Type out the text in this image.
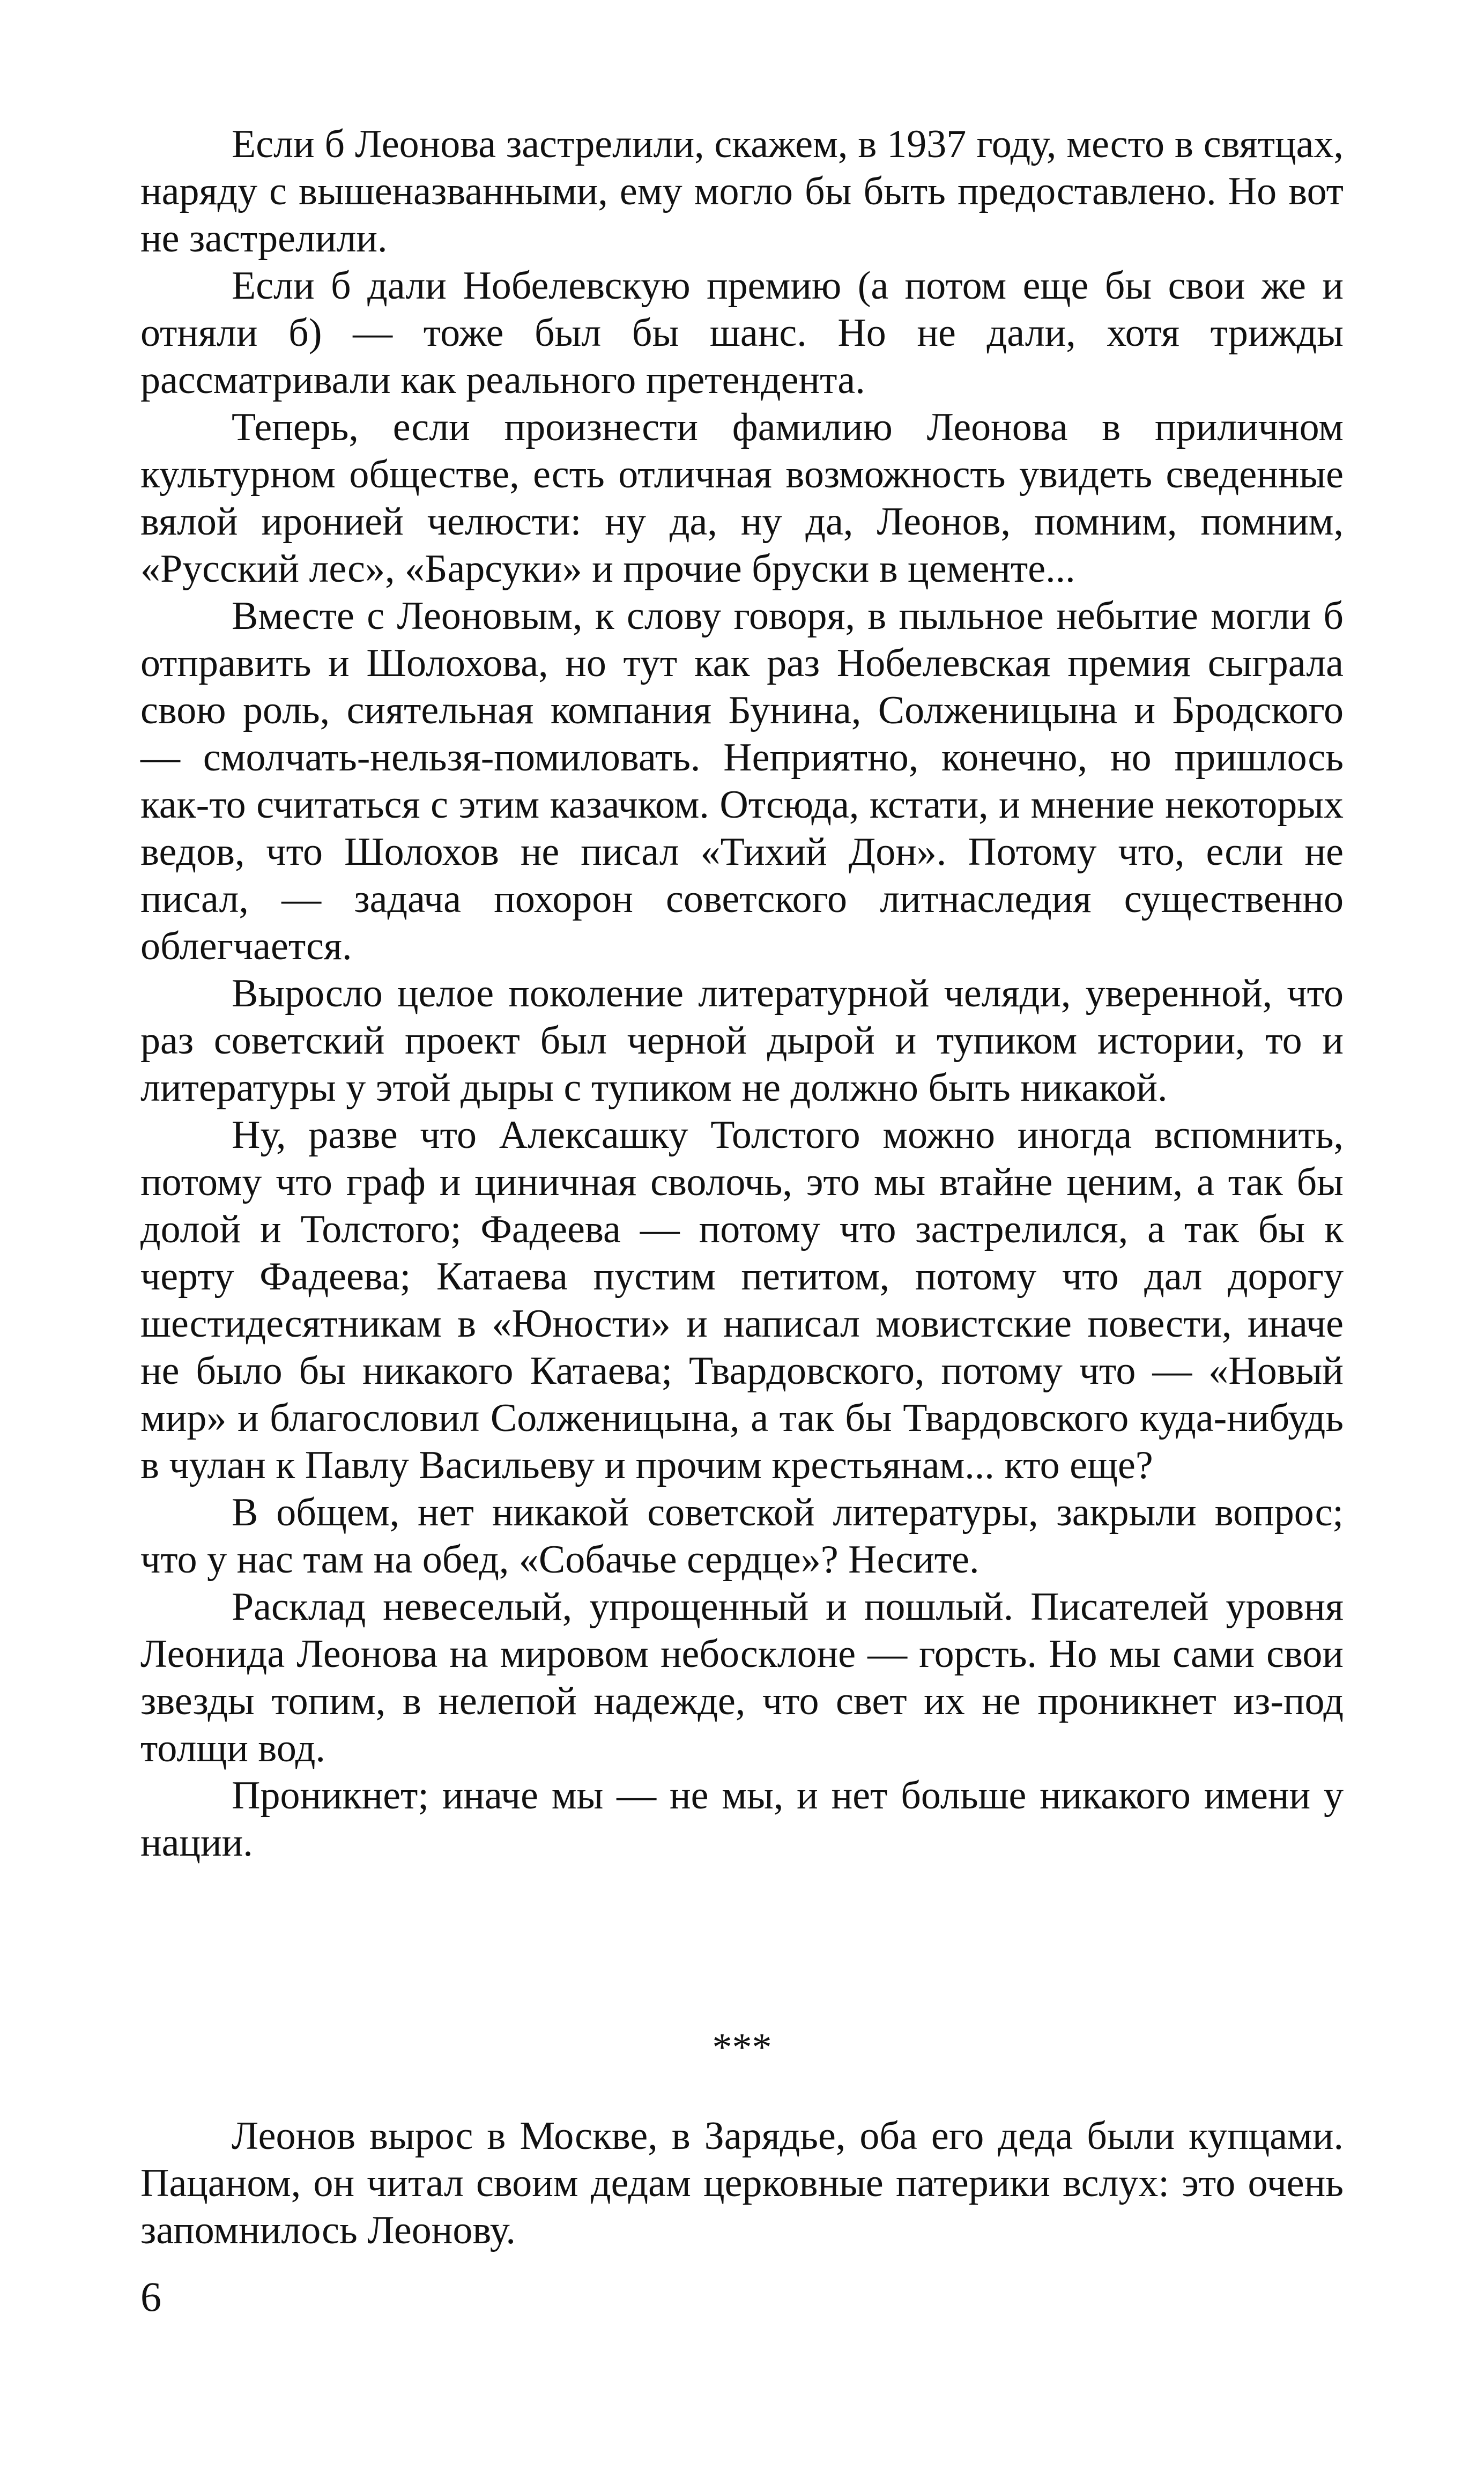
Если б Леонова застрелили, скажем, в 1937 году, место в святцах, наряду с вышеназванными, ему могло бы быть предоставлено. Но вот не застрелили.

Если б дали Нобелевскую премию (а потом еще бы свои же и отняли б) — тоже был бы шанс. Но не дали, хотя трижды рассматривали как реального претендента.

Теперь, если произнести фамилию Леонова в приличном культурном обществе, есть отличная возможность увидеть сведенные вялой иронией челюсти: ну да, ну да, Леонов, помним, помним, «Русский лес», «Барсуки» и прочие бруски в цементе...

Вместе с Леоновым, к слову говоря, в пыльное небытие могли б отправить и Шолохова, но тут как раз Нобелевская премия сыграла свою роль, сиятельная компания Бунина, Солженицына и Бродского — смолчать-нельзя-помиловать. Неприятно, конечно, но пришлось как-то считаться с этим казачком. Отсюда, кстати, и мнение некоторых ведов, что Шолохов не писал «Тихий Дон». Потому что, если не писал, — задача похорон советского литнаследия существенно облегчается.

Выросло целое поколение литературной челяди, уверенной, что раз советский проект был черной дырой и тупиком истории, то и литературы у этой дыры с тупиком не должно быть никакой.

Ну, разве что Алексашку Толстого можно иногда вспомнить, потому что граф и циничная сволочь, это мы втайне ценим, а так бы долой и Толстого; Фадеева — потому что застрелился, а так бы к черту Фадеева; Катаева пустим петитом, потому что дал дорогу шестидесятникам в «Юности» и написал мовистские повести, иначе не было бы никакого Катаева; Твардовского, потому что — «Новый мир» и благословил Солженицына, а так бы Твардовского куда-нибудь в чулан к Павлу Васильеву и прочим крестьянам... кто еще?

В общем, нет никакой советской литературы, закрыли вопрос; что у нас там на обед, «Собачье сердце»? Несите.

Расклад невеселый, упрощенный и пошлый. Писателей уровня Леонида Леонова на мировом небосклоне — горсть. Но мы сами свои звезды топим, в нелепой надежде, что свет их не проникнет из-под толщи вод.

Проникнет; иначе мы — не мы, и нет больше никакого имени у нации.

***

Леонов вырос в Москве, в Зарядье, оба его деда были купцами. Пацаном, он читал своим дедам церковные патерики вслух: это очень запомнилось Леонову.

6
